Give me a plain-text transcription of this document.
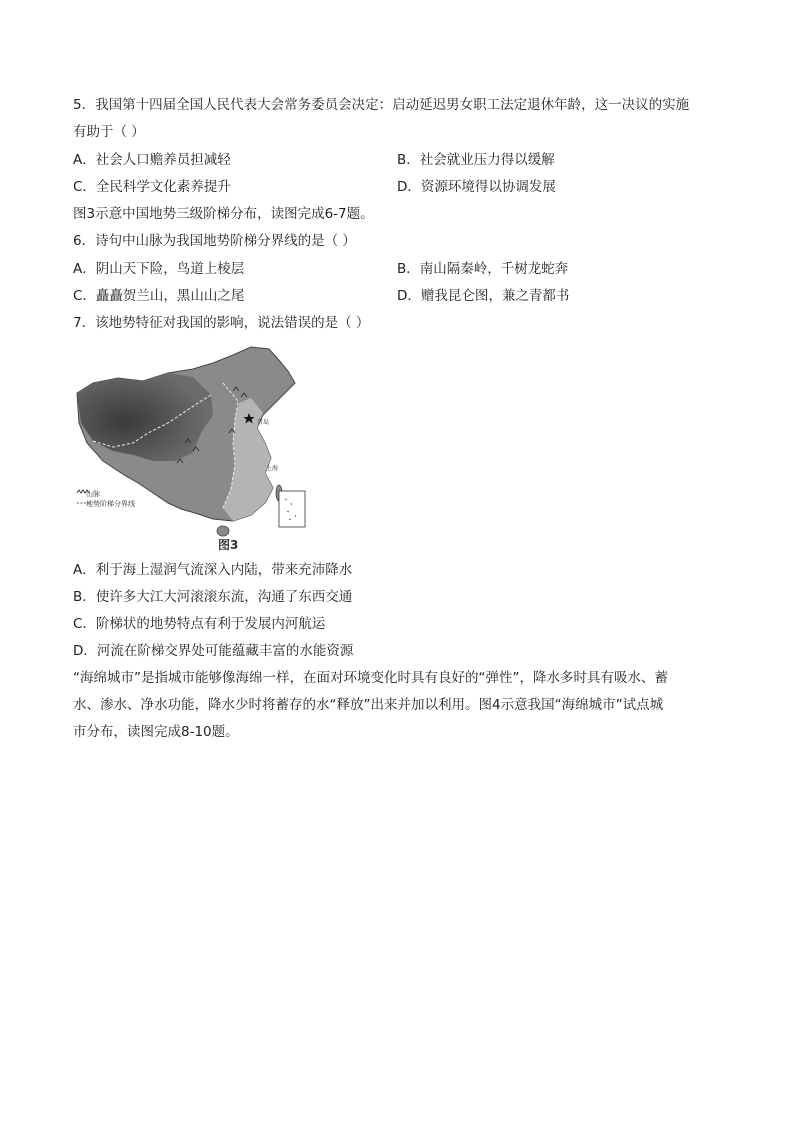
5．我国第十四届全国人民代表大会常务委员会决定：启动延迟男女职工法定退休年龄，这一决议的实施
有助于（ ）
A．社会人口赡养员担减轻	B．社会就业压力得以缓解
C．全民科学文化素养提升	D．资源环境得以协调发展
图3示意中国地势三级阶梯分布，读图完成6-7题。
6．诗句中山脉为我国地势阶梯分界线的是（ ）
A．阴山天下险，鸟道上棱层	B．南山隔秦岭，千树龙蛇奔
C．矗矗贺兰山，黑山山之尾	D．赠我昆仑图，兼之青都书
7．该地势特征对我国的影响，说法错误的是（ ）
山脉
地势阶梯分界线
青岛
上海
图3
A．利于海上湿润气流深入内陆，带来充沛降水
B．使许多大江大河滚滚东流，沟通了东西交通
C．阶梯状的地势特点有利于发展内河航运
D．河流在阶梯交界处可能蕴藏丰富的水能资源
“海绵城市”是指城市能够像海绵一样，在面对环境变化时具有良好的“弹性”，降水多时具有吸水、蓄
水、渗水、净水功能，降水少时将蓄存的水“释放”出来并加以利用。图4示意我国“海绵城市”试点城
市分布，读图完成8-10题。
